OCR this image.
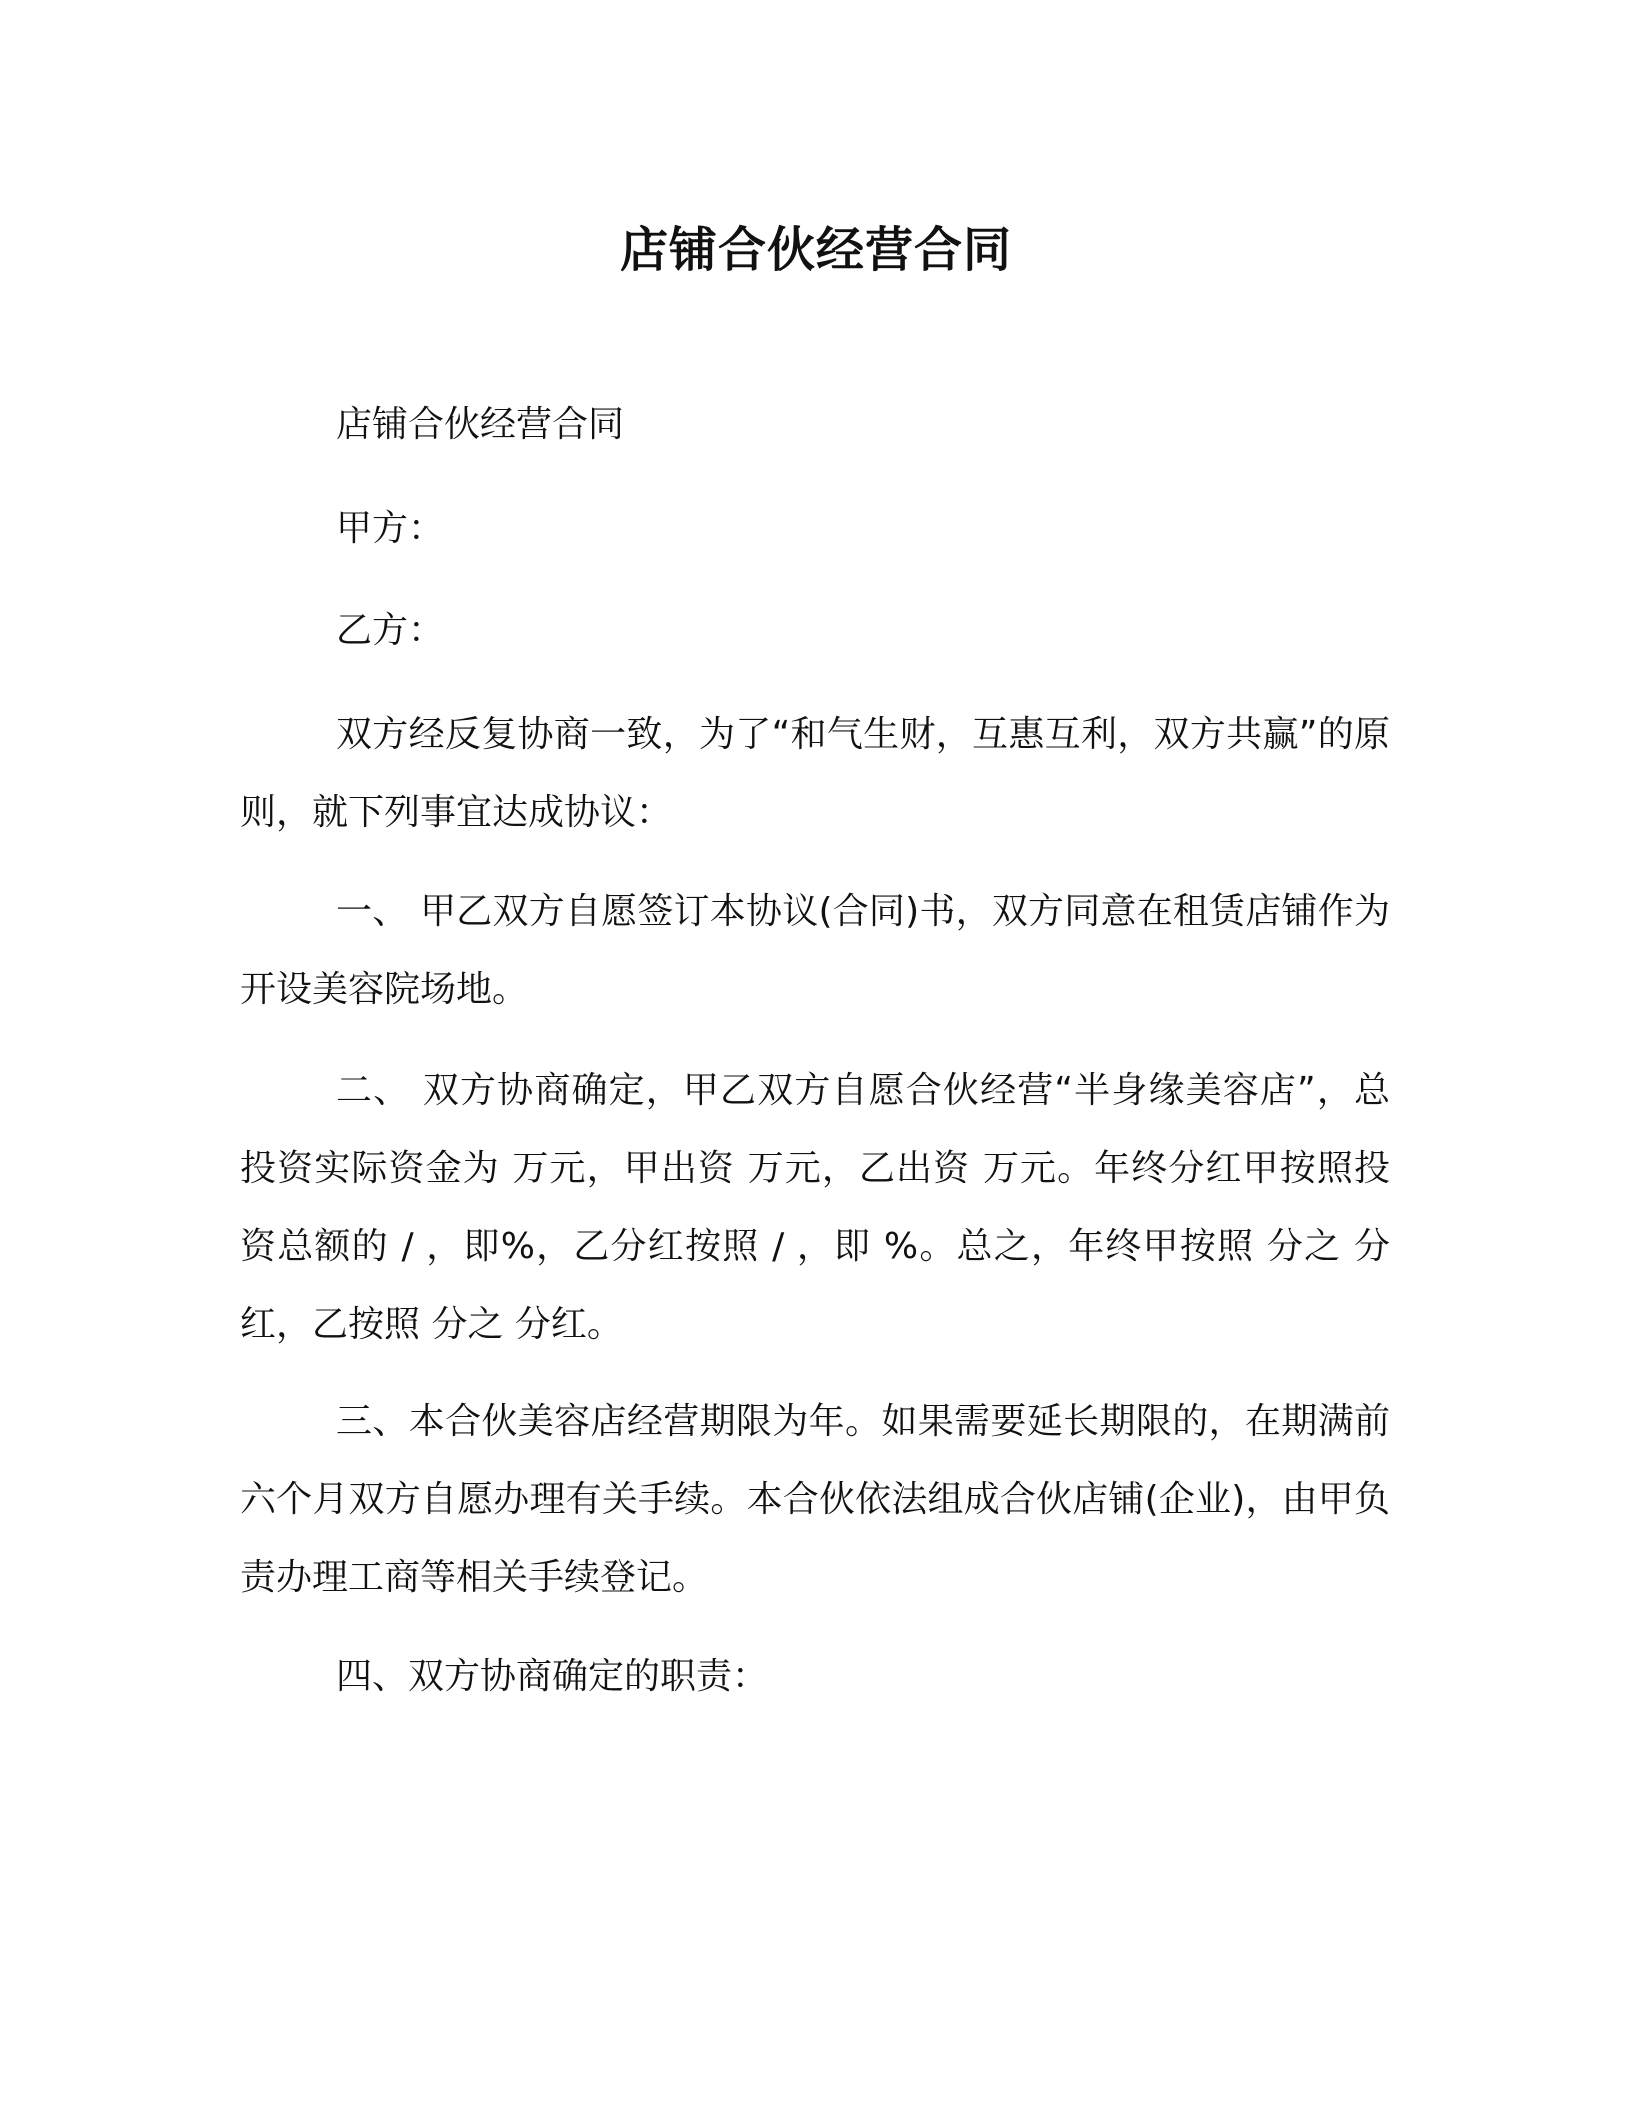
店铺合伙经营合同

店铺合伙经营合同

甲方：

乙方：

双方经反复协商一致，为了“和气生财，互惠互利，双方共赢”的原则，就下列事宜达成协议：

一、 甲乙双方自愿签订本协议(合同)书，双方同意在租赁店铺作为开设美容院场地。

二、 双方协商确定，甲乙双方自愿合伙经营“半身缘美容店”，总投资实际资金为 万元，甲出资 万元，乙出资 万元。年终分红甲按照投资总额的 / ，即%，乙分红按照 / ，即 %。总之，年终甲按照 分之 分红，乙按照 分之 分红。

三、本合伙美容店经营期限为年。如果需要延长期限的，在期满前六个月双方自愿办理有关手续。本合伙依法组成合伙店铺(企业)，由甲负责办理工商等相关手续登记。

四、双方协商确定的职责：
